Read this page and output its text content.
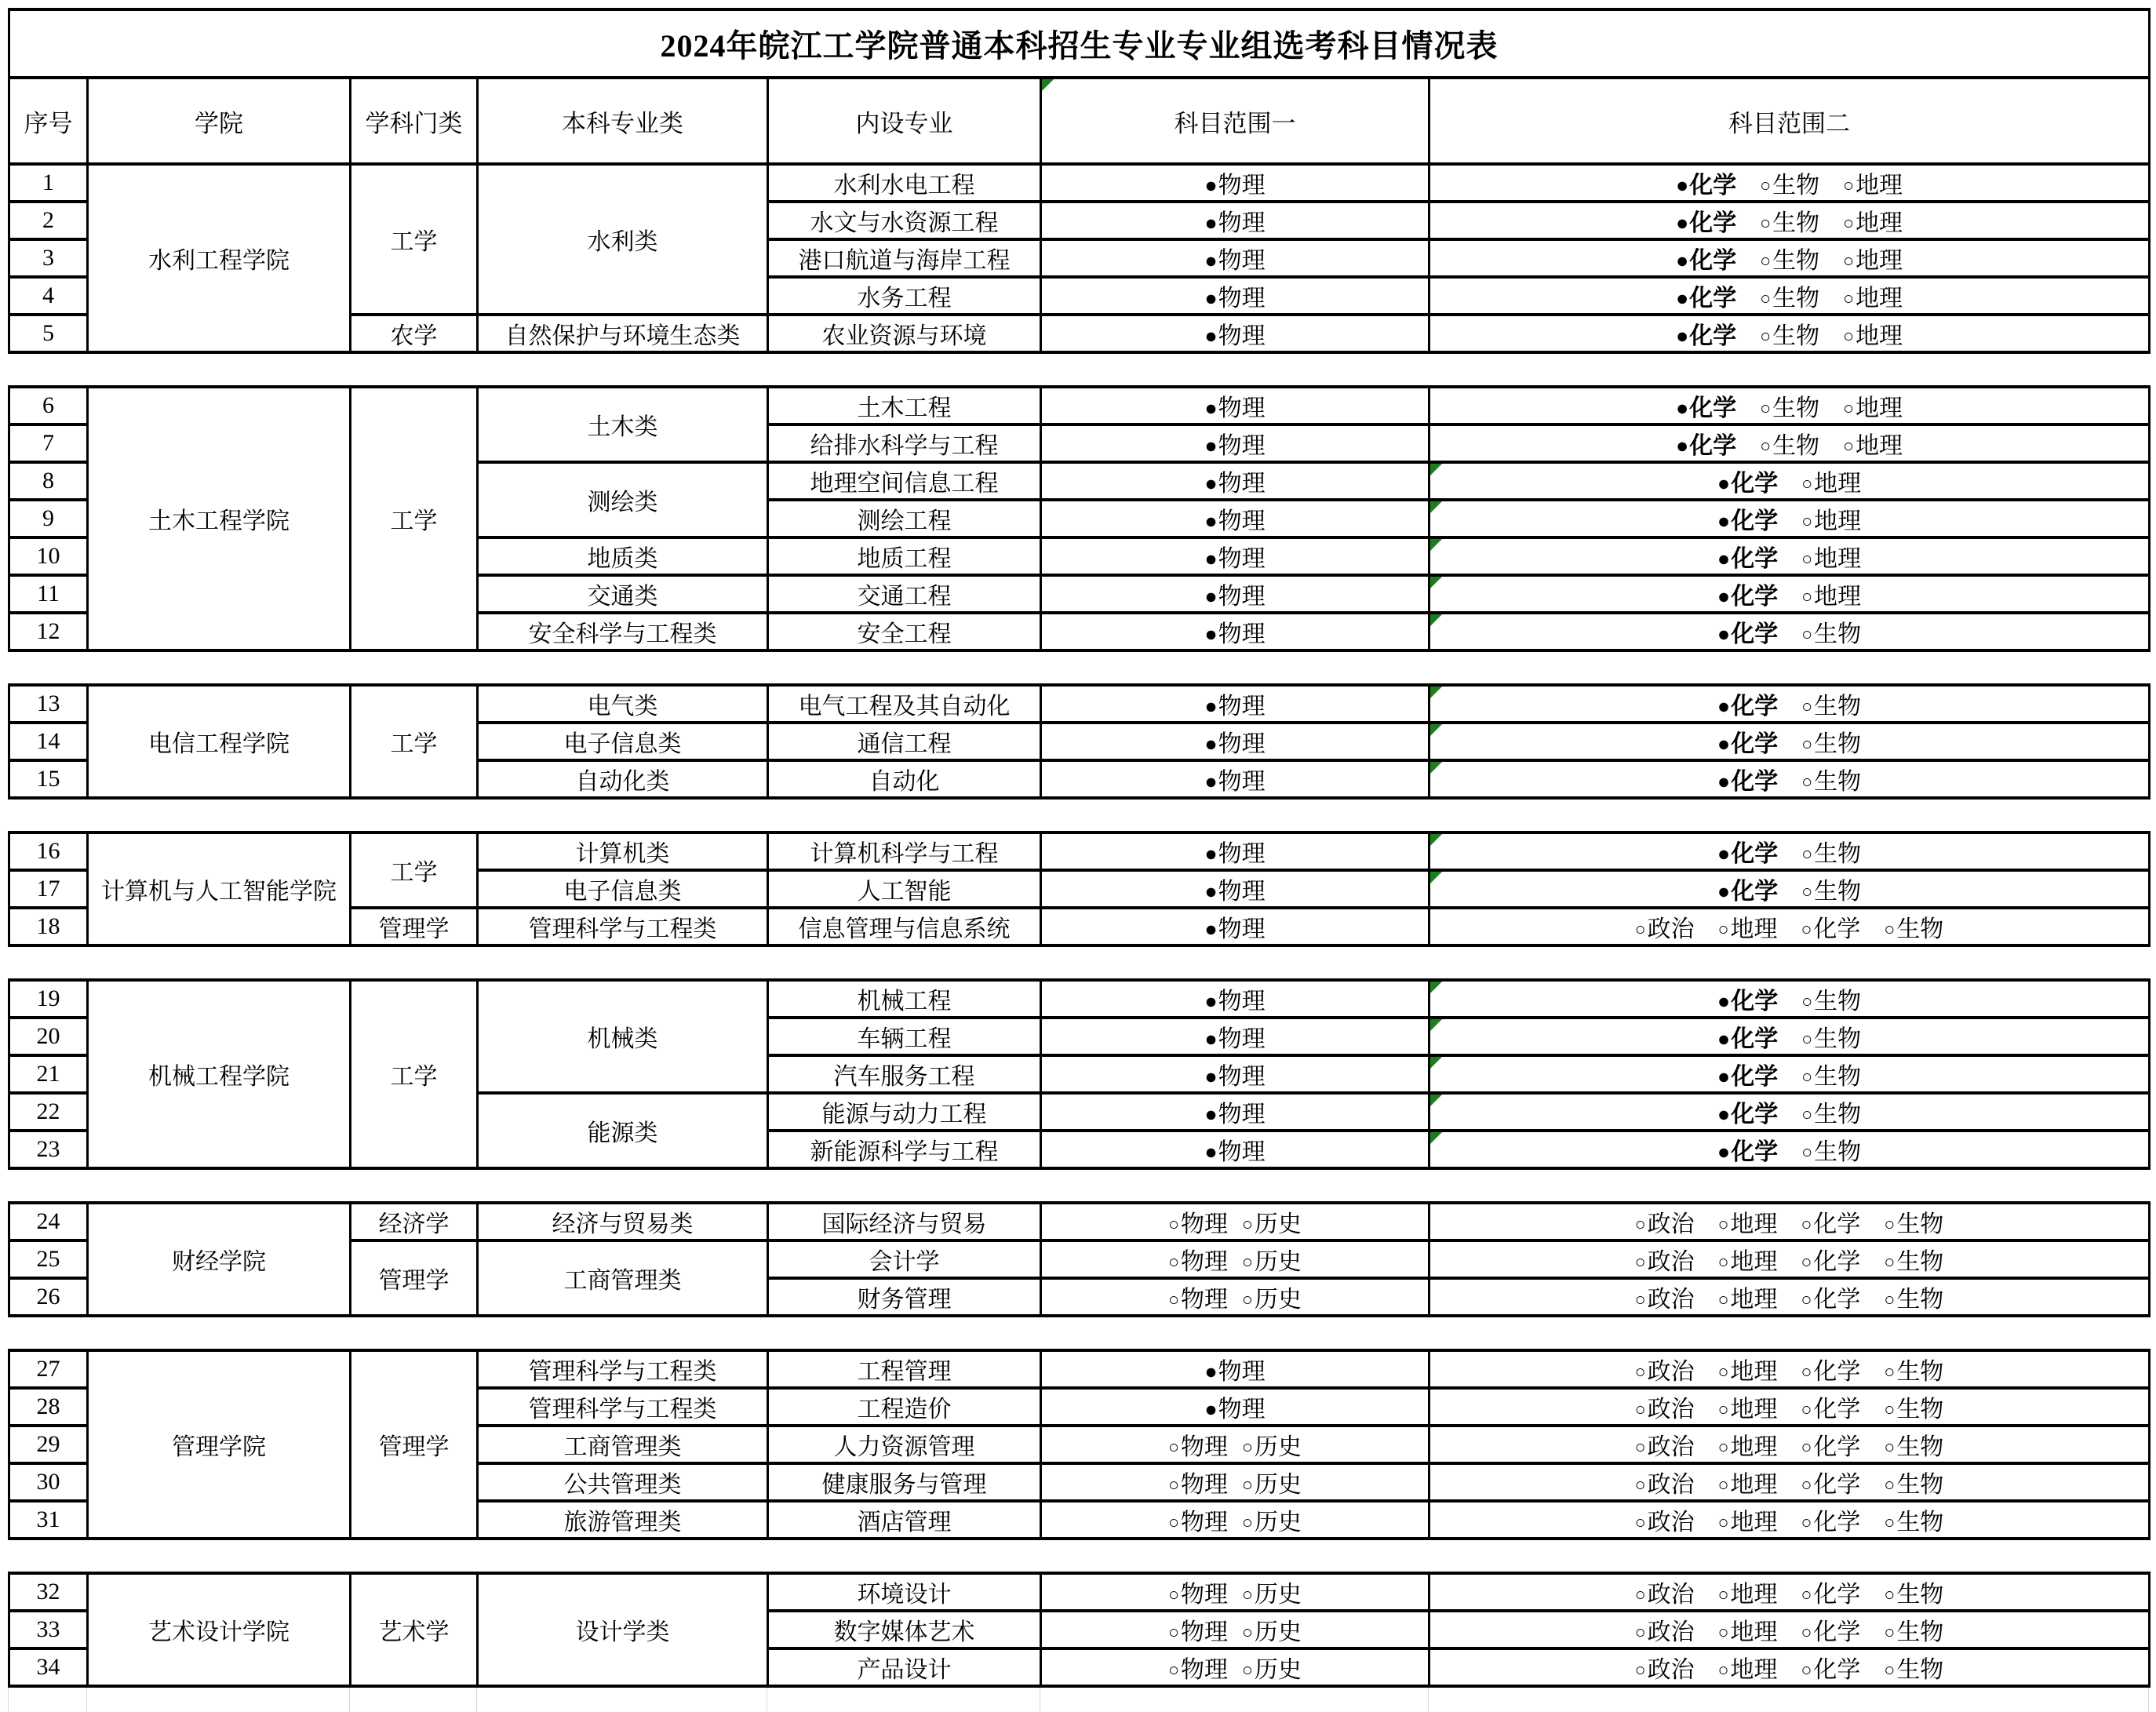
2024年皖江工学院普通本科招生专业专业组选考科目情况表						
序号	学院	学科门类	本科专业类	内设专业	科目范围一	科目范围二
1	水利工程学院	工学	水利类	水利水电工程	●物理	●化学 ○生物 ○地理
2				水文与水资源工程	●物理	●化学 ○生物 ○地理
3				港口航道与海岸工程	●物理	●化学 ○生物 ○地理
4				水务工程	●物理	●化学 ○生物 ○地理
5		农学	自然保护与环境生态类	农业资源与环境	●物理	●化学 ○生物 ○地理

6	土木工程学院	工学	土木类	土木工程	●物理	●化学 ○生物 ○地理
7				给排水科学与工程	●物理	●化学 ○生物 ○地理
8			测绘类	地理空间信息工程	●物理	●化学 ○地理
9				测绘工程	●物理	●化学 ○地理
10			地质类	地质工程	●物理	●化学 ○地理
11			交通类	交通工程	●物理	●化学 ○地理
12			安全科学与工程类	安全工程	●物理	●化学 ○生物

13	电信工程学院	工学	电气类	电气工程及其自动化	●物理	●化学 ○生物
14			电子信息类	通信工程	●物理	●化学 ○生物
15			自动化类	自动化	●物理	●化学 ○生物

16	计算机与人工智能学院	工学	计算机类	计算机科学与工程	●物理	●化学 ○生物
17			电子信息类	人工智能	●物理	●化学 ○生物
18		管理学	管理科学与工程类	信息管理与信息系统	●物理	○政治 ○地理 ○化学 ○生物

19	机械工程学院	工学	机械类	机械工程	●物理	●化学 ○生物
20				车辆工程	●物理	●化学 ○生物
21				汽车服务工程	●物理	●化学 ○生物
22			能源类	能源与动力工程	●物理	●化学 ○生物
23				新能源科学与工程	●物理	●化学 ○生物

24	财经学院	经济学	经济与贸易类	国际经济与贸易	○物理 ○历史	○政治 ○地理 ○化学 ○生物
25		管理学	工商管理类	会计学	○物理 ○历史	○政治 ○地理 ○化学 ○生物
26				财务管理	○物理 ○历史	○政治 ○地理 ○化学 ○生物

27	管理学院	管理学	管理科学与工程类	工程管理	●物理	○政治 ○地理 ○化学 ○生物
28			管理科学与工程类	工程造价	●物理	○政治 ○地理 ○化学 ○生物
29			工商管理类	人力资源管理	○物理 ○历史	○政治 ○地理 ○化学 ○生物
30			公共管理类	健康服务与管理	○物理 ○历史	○政治 ○地理 ○化学 ○生物
31			旅游管理类	酒店管理	○物理 ○历史	○政治 ○地理 ○化学 ○生物

32	艺术设计学院	艺术学	设计学类	环境设计	○物理 ○历史	○政治 ○地理 ○化学 ○生物
33				数字媒体艺术	○物理 ○历史	○政治 ○地理 ○化学 ○生物
34				产品设计	○物理 ○历史	○政治 ○地理 ○化学 ○生物
